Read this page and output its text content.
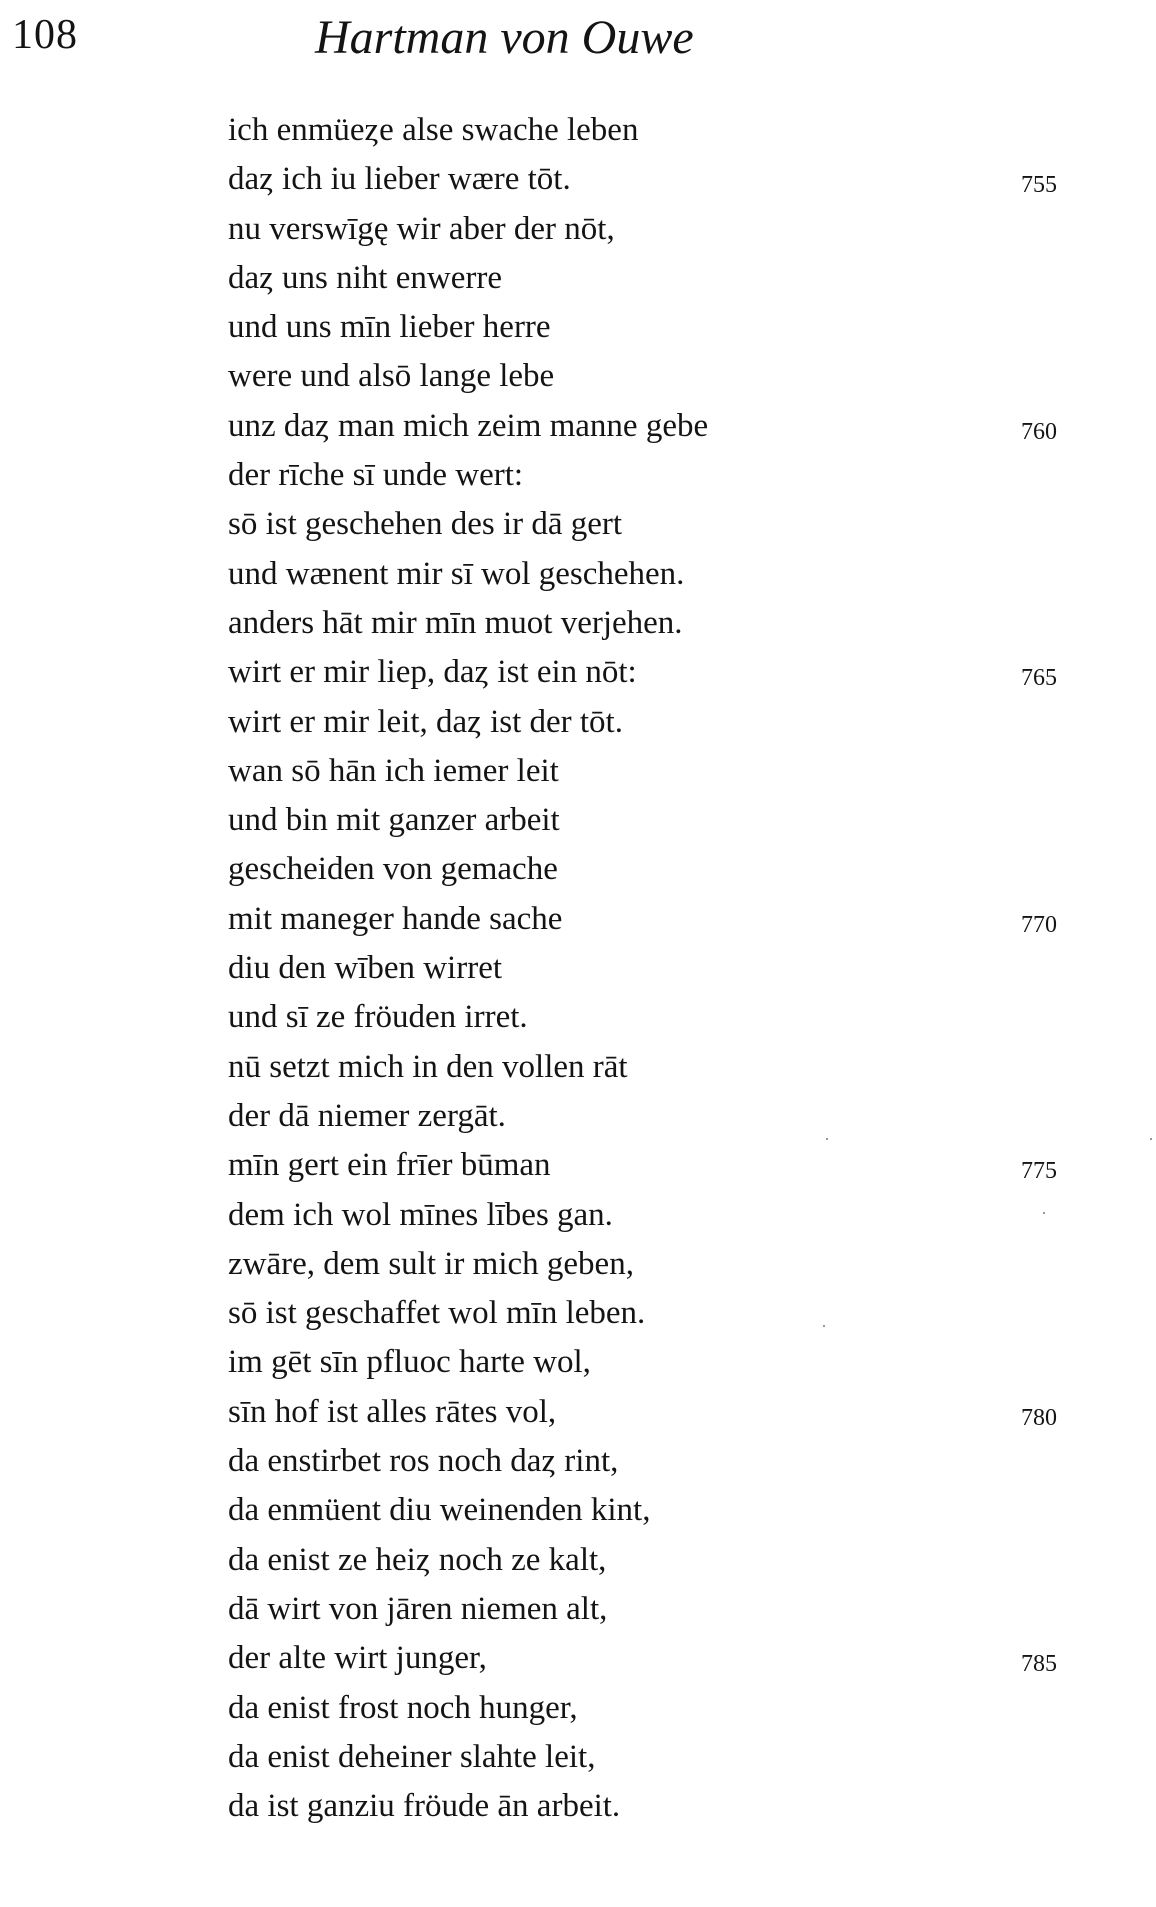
108	Hartman von Ouwe
ich enmüeȥe alse swache leben
daȥ ich iu lieber wære tōt.	755
nu verswīgę wir aber der nōt,
daȥ uns niht enwerre
und uns mīn lieber herre
were und alsō lange lebe
unz daȥ man mich zeim manne gebe	760
der rīche sī unde wert:
sō ist geschehen des ir dā gert
und wænent mir sī wol geschehen.
anders hāt mir mīn muot verjehen.
wirt er mir liep, daȥ ist ein nōt:	765
wirt er mir leit, daȥ ist der tōt.
wan sō hān ich iemer leit
und bin mit ganzer arbeit
gescheiden von gemache
mit maneger hande sache	770
diu den wīben wirret
und sī ze fröuden irret.
nū setzt mich in den vollen rāt
der dā niemer zergāt.
mīn gert ein frīer būman	775
dem ich wol mīnes lībes gan.
zwāre, dem sult ir mich geben,
sō ist geschaffet wol mīn leben.
im gēt sīn pfluoc harte wol,
sīn hof ist alles rātes vol,	780
da enstirbet ros noch daȥ rint,
da enmüent diu weinenden kint,
da enist ze heiȥ noch ze kalt,
dā wirt von jāren niemen alt,
der alte wirt junger,	785
da enist frost noch hunger,
da enist deheiner slahte leit,
da ist ganziu fröude ān arbeit.
